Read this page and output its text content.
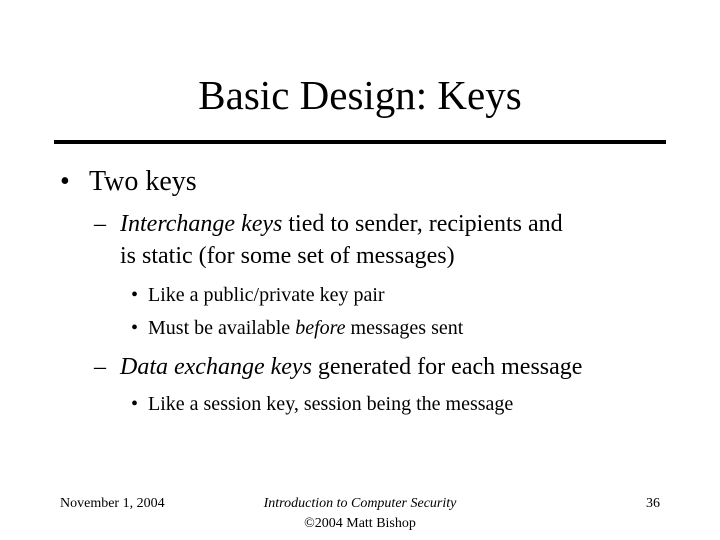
Basic Design: Keys
• Two keys
– Interchange keys tied to sender, recipients and
is static (for some set of messages)
• Like a public/private key pair
• Must be available before messages sent
– Data exchange keys generated for each message
• Like a session key, session being the message
November 1, 2004	Introduction to Computer Security
©2004 Matt Bishop
36
